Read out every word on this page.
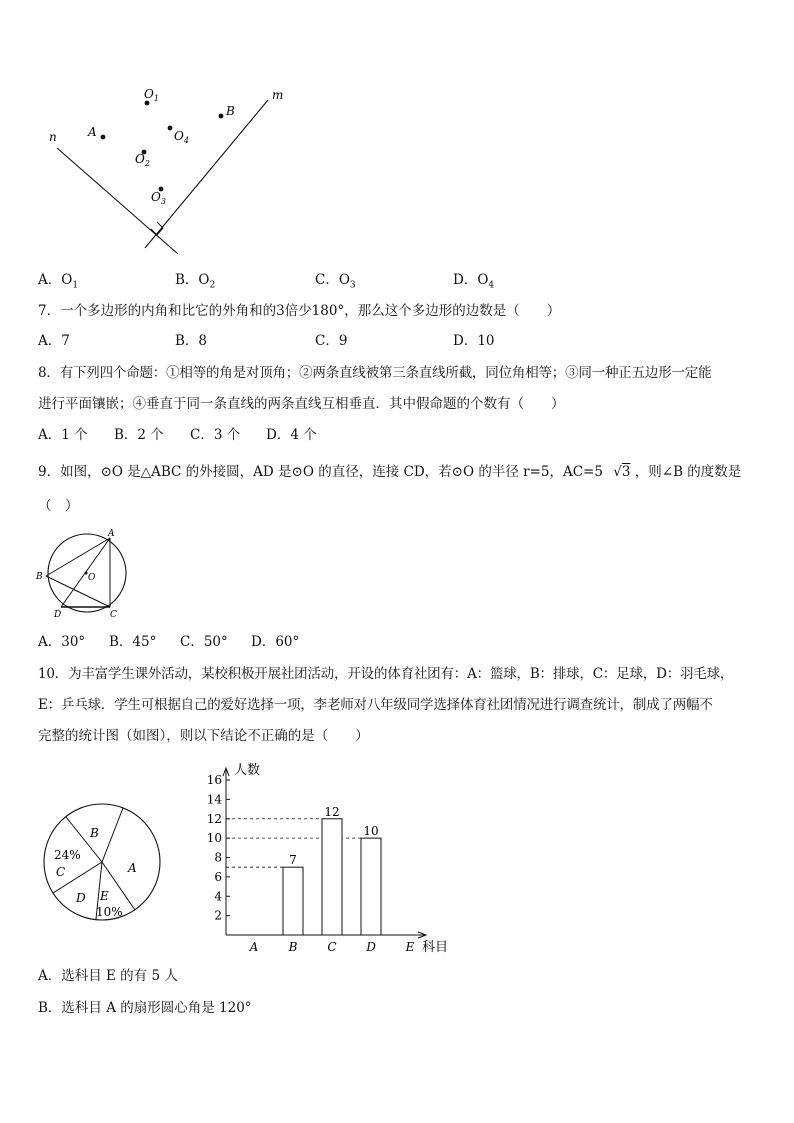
m
n
$O_1$
A	$O_4$
B
$O_2$
$O_3$
A．$O_1$	B．$O_2$	C．$O_3$	D．$O_4$
7．一个多边形的内角和比它的外角和的3倍少180°，那么这个多边形的边数是（　　）
A．7	B．8	C．9	D．10
8．有下列四个命题：①相等的角是对顶角；②两条直线被第三条直线所截，同位角相等；③同一种正五边形一定能
进行平面镶嵌；④垂直于同一条直线的两条直线互相垂直．其中假命题的个数有（　　）
A．1 个 B．2 个 C．3 个 D．4 个
9．如图，⊙O 是△ABC 的外接圆，AD 是⊙O 的直径，连接 CD，若⊙O 的半径 r=5，AC=5 √3 ，则∠B 的度数是
（　）
A
B
C
D
O
A．30° B．45° C．50° D．60°
10．为丰富学生课外活动，某校积极开展社团活动，开设的体育社团有：A：篮球，B：排球，C：足球，D：羽毛球，
E：乒乓球．学生可根据自己的爱好选择一项，李老师对八年级同学选择体育社团情况进行调查统计，制成了两幅不
完整的统计图（如图），则以下结论不正确的是（　　）
A
B
24%
C
D E
10%	2
4
6
8
10
12
14
16
7
12
10
A	B C D E
人数
科目
A．选科目 E 的有 5 人
B．选科目 A 的扇形圆心角是 120°
